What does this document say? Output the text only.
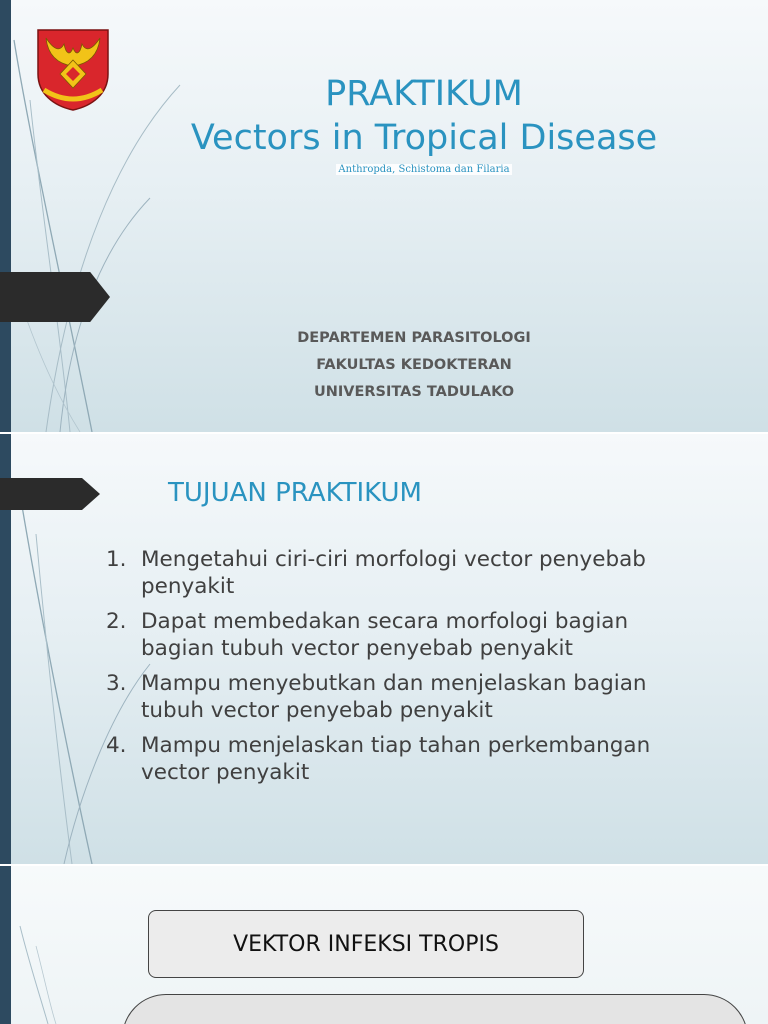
PRAKTIKUM
Vectors in Tropical Disease
Anthropda, Schistoma dan Filaria
DEPARTEMEN PARASITOLOGI
FAKULTAS KEDOKTERAN
UNIVERSITAS TADULAKO
TUJUAN PRAKTIKUM
1. Mengetahui ciri-ciri morfologi vector penyebab penyakit
2. Dapat membedakan secara morfologi bagian bagian tubuh vector penyebab penyakit
3. Mampu menyebutkan dan menjelaskan bagian tubuh vector penyebab penyakit
4. Mampu menjelaskan tiap tahan perkembangan vector penyakit
VEKTOR INFEKSI TROPIS
